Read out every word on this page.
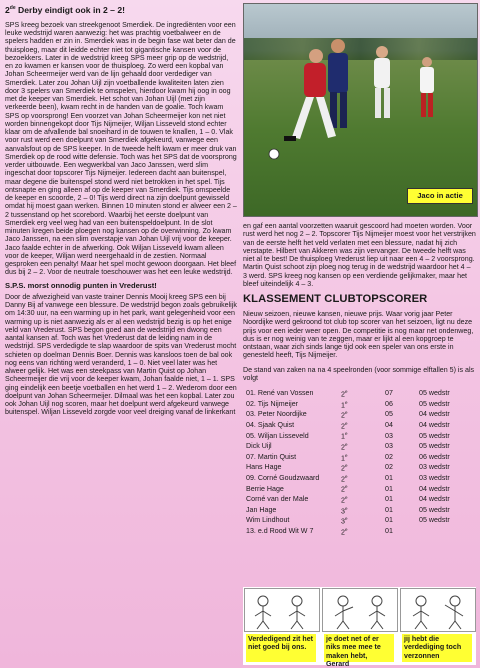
2de Derby eindigt ook in 2 – 2!

SPS kreeg bezoek van streekgenoot Smerdiek. De ingrediënten voor een leuke wedstrijd waren aanwezig: het was prachtig voetbalweer en de spelers hadden er zin in. Smerdiek was in de begin fase wat beter dan de thuisploeg, maar dit leidde echter niet tot gigantische kansen voor de bezoekkers. Later in de wedstrijd kreeg SPS meer grip op de wedstrijd, en zo kwamen er kansen voor de thuisploeg. Zo werd een kopbal van Johan Scheermeijer werd van de lijn gehaald door verdediger van Smerdiek. Later zou Johan Uijl zijn voetballende kwaliteiten laten zien door 3 spelers van Smerdiek te omspelen, hierdoor kwam hij oog in oog met de keeper van Smerdiek. Het schot van Johan Uijl (met zijn verkeerde been), kwam recht in de handen van de goalie. Toch kwam SPS op voorsprong! Een voorzet van Johan Scheermeijer kon net niet worden binnengekopt door Tijs Nijmeijer, Wiljan Lisseveld stond echter klaar om de afvallende bal snoeihard in de touwen te knallen, 1 – 0. Vlak voor rust werd een doelpunt van Smerdiek afgekeurd, vanwege een aanvalsfout op de SPS keeper. In de tweede helft kwam er meer druk van Smerdiek op de rood witte defensie. Toch was het SPS dat de voorsprong verder uitbouwde. Een wegwerkbal van Jaco Janssen, werd slim ingeschat door topscorer Tijs Nijmeijer. Iedereen dacht aan buitenspel, maar degene die buitenspel stond werd niet betrokken in het spel. Tijs ontsnapte en ging alleen af op de keeper van Smerdiek. Tijs omspeelde de keeper en scoorde, 2 – 0! Tijs werd direct na zijn doelpunt gewisseld omdat hij moest gaan werken. Binnen 10 minuten stond er alweer een 2 – 2 tussenstand op het scorebord. Waarbij het eerste doelpunt van Smerdiek erg veel weg had van een buitenspeldoelpunt. In de slot minuten kregen beide ploegen nog kansen op de overwinning. Zo kwam Jaco Janssen, na een slim overstapje van Johan Uijl vrij voor de keeper. Jaco faalde echter in de afwerking. Ook Wiljan Lisseveld kwam alleen voor de keeper, Wiljan werd neergehaald in de zestien. Normaal gesproken een penalty! Maar het spel mocht gewoon doorgaan. Het bleef dus bij 2 – 2. Voor de neutrale toeschouwer was het een leuke wedstrijd.

S.P.S. morst onnodig punten in Vrederust!

Door de afwezigheid van vaste trainer Dennis Mooij kreeg SPS een bij Danny Bij af vanwege een blessure. De wedstrijd begon zoals gebruikelijk om 14:30 uur, na een warming up in het park, want gelegenheid voor een warming up is niet aanwezig als er al een wedstrijd bezig is op het enige veld van Vrederust. SPS begon goed aan de wedstrijd en dwong een aantal kansen af. Toch was het Vrederust dat de leiding nam in de wedstrijd. SPS verdedigde te slap waardoor de spits van Vrederust mocht schieten op doelman Dennis Boer. Dennis was kansloos toen de bal ook nog eens van richting werd veranderd, 1 – 0. Niet veel later was het alweer gelijk. Het was een steekpass van Martin Quist op Johan Scheermeijer die vrij voor de keeper kwam, Johan faalde niet, 1 – 1. SPS ging eindelijk een beetje voetballen en het werd 1 – 2. Wederom door een doelpunt van Johan Scheermeijer. Dilmaal was het een kopbal. Later zou ook Johan Uijl nog scoren, maar het doelpunt werd afgekeurd vanwege buitenspel. Wiljan Lisseveld zorgde voor veel dreiging vanaf de linkerkant

Jaco in actie

en gaf een aantal voorzetten waaruit gescoord had moeten worden. Voor rust werd het nog 2 – 2. Topscorer Tijs Nijmeijer moest voor het verstrijken van de eerste helft het veld verlaten met een blessure, nadat hij zich verstapte. Hilbert van Akkeren was zijn vervanger. De tweede helft was niet al te best! De thuisploeg Vrederust liep uit naar een 4 – 2 voorsprong. Martin Quist schoot zijn ploeg nog terug in de wedstrijd waardoor het 4 – 3 werd. SPS kreeg nog kansen op een verdiende gelijkmaker, maar het bleef uiteindelijk 4 – 3.

KLASSEMENT CLUBTOPSCORER

Nieuw seizoen, nieuwe kansen, nieuwe prijs. Waar vorig jaar Peter Noordijke werd gekroond tot club top scorer van het seizoen, ligt nu deze prijs voor een ieder weer open. De competitie is nog maar net ondenweg, dus is er nog weinig van te zeggen, maar er lijkt al een kopgroep te ontstaan, waar zich sinds lange tijd ook een speler van ons erste in genesteld heeft, Tijs Nijmeijer.

De stand van zaken na na 4 speelronden (voor sommige elftallen 5) is als volgt

01. René van Vossen	2e	07	05 wedstr
02. Tijs Nijmeijer	1e	06	05 wedstr
03. Peter Noordijke	2e	05	04 wedstr
04. Sjaak Quist	2e	04	04 wedstr
05. Wiljan Lisseveld	1e	03	05 wedstr
Dick Uijl	2e	03	05 wedstr
07. Martin Quist	1e	02	06 wedstr
Hans Hage	2e	02	03 wedstr
09. Corné Goudzwaard	2e	01	03 wedstr
Berrie Hage	2e	01	04 wedstr
Corné van der Male	2e	01	04 wedstr
Jan Hage	3e	01	05 wedstr
Wim Lindhout	3e	01	05 wedstr
13. e.d Rood Wit W 7	2e	01	
Verdedigend zit het niet goed bij ons.
je doet net of er niks mee mee te maken hebt, Gerard
jij hebt die verdediging toch verzonnen
